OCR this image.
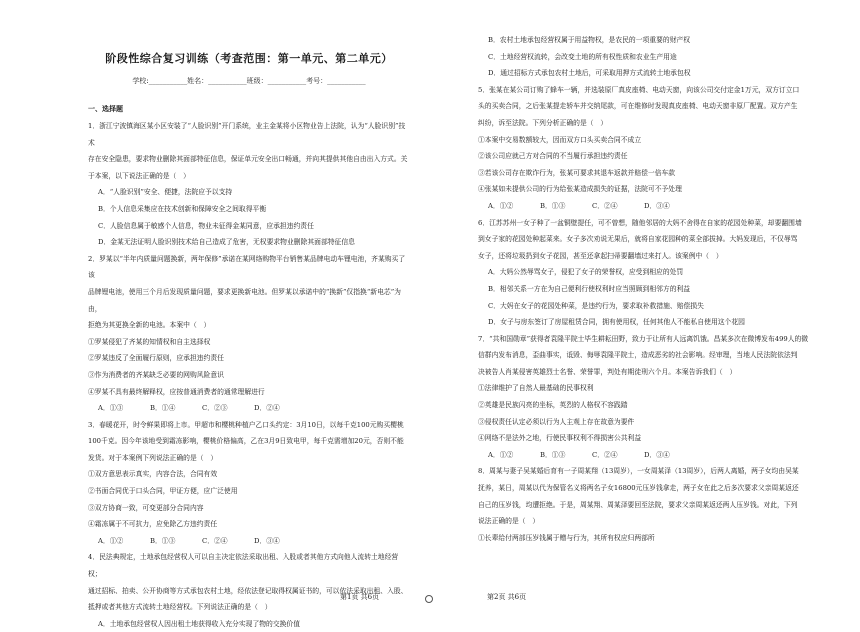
阶段性综合复习训练（考查范围：第一单元、第二单元）
学校:___________姓名：___________班级：___________考号：___________
一、选择题

1．浙江宁波镇海区某小区安装了“人脸识别”开门系统，业主金某将小区物业告上法院，认为“人脸识别”技术

存在安全隐患，要求物业删除其面部特征信息，保证单元安全出口畅通，并向其提供其他自由出入方式。关

于本案，以下说法正确的是（　）

A．“人脸识别”安全、便捷，法院应予以支持

B．个人信息采集应在技术创新和保障安全之间取得平衡

C．人脸信息属于敏感个人信息，物业未征得金某同意，应承担违约责任

D．金某无法证明人脸识别技术给自己造成了危害，无权要求物业删除其面部特征信息

2．罗某以“半年内质量问题换新，两年保修”承诺在某网络购物平台销售某品牌电动车锂电池，齐某购买了该

品牌锂电池，使用三个月后发现质量问题，要求更换新电池。但罗某以承诺中的“换新”仅指换“新电芯”为由，

拒绝为其更换全新的电池。本案中（　）

①罗某侵犯了齐某的知情权和自主选择权

②罗某违反了全面履行原则，应承担违约责任

③作为消费者的齐某缺乏必要的网购风险意识

④罗某不具有最终解释权，应按普通消费者的通常理解进行

A．①③	B．①④	C．②③	D．②④

3．春暖花开，时令鲜果即将上市。甲超市和樱桃种植户乙口头约定：3月10日，以每千克100元购买樱桃

100千克。因今年该地受到霜冻影响，樱桃价格偏高，乙在3月9日致电甲，每千克需增加20元，否则不能

发货。对于本案例下列说法正确的是（　）

①双方意思表示真实，内容合法，合同有效

②书面合同优于口头合同，甲证方便，应广泛使用

③双方协商一致，可变更部分合同内容

④霜冻属于不可抗力，应免除乙方违约责任

A．①②	B．①③	C．②④	D．③④

4．民法典规定，土地承包经营权人可以自主决定依法采取出租、入股或者其他方式向他人流转土地经营权；

通过招标、拍卖、公开协商等方式承包农村土地，经依法登记取得权属证书的，可以依法采取出租、入股、

抵押或者其他方式流转土地经营权。下列说法正确的是（　）

A．土地承包经营权人因出租土地获得收入充分实现了物的交换价值

B．农村土地承包经营权属于用益物权，是农民的一项重要的财产权

C．土地经营权流转，会改变土地的所有权性质和农业生产用途

D．通过招标方式承包农村土地后，可采取用押方式流转土地承包权

5．张某在某公司订购了蜂车一辆，并选装原厂真皮座椅、电动天窗，向该公司交付定金1万元，双方订立口

头的买卖合同，之后张某提走轿车并交纳尾款，可在维修时发现真皮座椅、电动天窗非原厂配置。双方产生

纠纷，诉至法院。下列分析正确的是（　）

①本案中交易数额较大，因而双方口头买卖合同不成立

②该公司应就己方对合同的不当履行承担违约责任

③若该公司存在欺诈行为，张某可要求其退车返款并赔偿一倍车款

④张某如未提供公司的行为给张某造成损失的证据，法院可不予处理

A．①②	B．①③	C．②④	D．③④

6．江苏苏州一女子种了一盆铜壁提任，可不曾想，随他邻居的大妈不舍得在自家的花园处种菜，却要翻围墙

到女子家的花园处种起菜来。女子多次劝说无果后，就将自家花园种的菜全部拔掉。大妈发现后，不仅辱骂

女子，还将垃圾扔到女子花园，甚至还拿起扫帚要翻墙过来打人。该案例中（　）

A．大妈公然辱骂女子，侵犯了女子的荣誉权，应受到相应的处罚

B．相邻关系一方在为自己便利行使权利时应当照顾到相邻方的利益

C．大妈在女子的花园处种菜，是违约行为，要求取补救措施、赔偿损失

D．女子与房东签订了房屋租赁合同，拥有使用权，任何其他人不能私自使用这个花园

7．“共和国勋章”获得者袁隆平院士毕生耕耘田野，致力于让所有人远离饥饿。昌某多次在微博发布499人的微

信群内发布消息，歪曲事实，诋毁、侮辱袁隆平院士，造成恶劣的社会影响。经审理，当地人民法院依法判

决被告人肖某侵害英雄烈士名誉、荣誉罪，判处有期徒刑六个月。本案告诉我们（　）

①法律维护了自然人最基础的民事权利

②英雄是民族闪亮的坐标，英烈的人格权不容践踏

③侵权责任认定必须以行为人主观上存在故意为要件

④网络不是法外之地，行使民事权利不得损害公共利益

A．①②	B．①③	C．②④	D．③④

8．周某与妻子吴某婚后育有一子周某翔（13周岁），一女周某泽（13周岁），后两人离婚，两子女均由吴某

抚养，某日，周某以代为保管名义将两名子女16800元压岁钱拿走，两子女在此之后多次要求父亲周某返还

自己的压岁钱，均遭拒绝。于是，周某翔、周某泽要回至法院，要求父亲周某返还两人压岁钱。对此，下列

说法正确的是（　）

①长辈给付两部压岁钱属于赠与行为，其所有权应归两部所

第1页 共6页	第2页 共6页
